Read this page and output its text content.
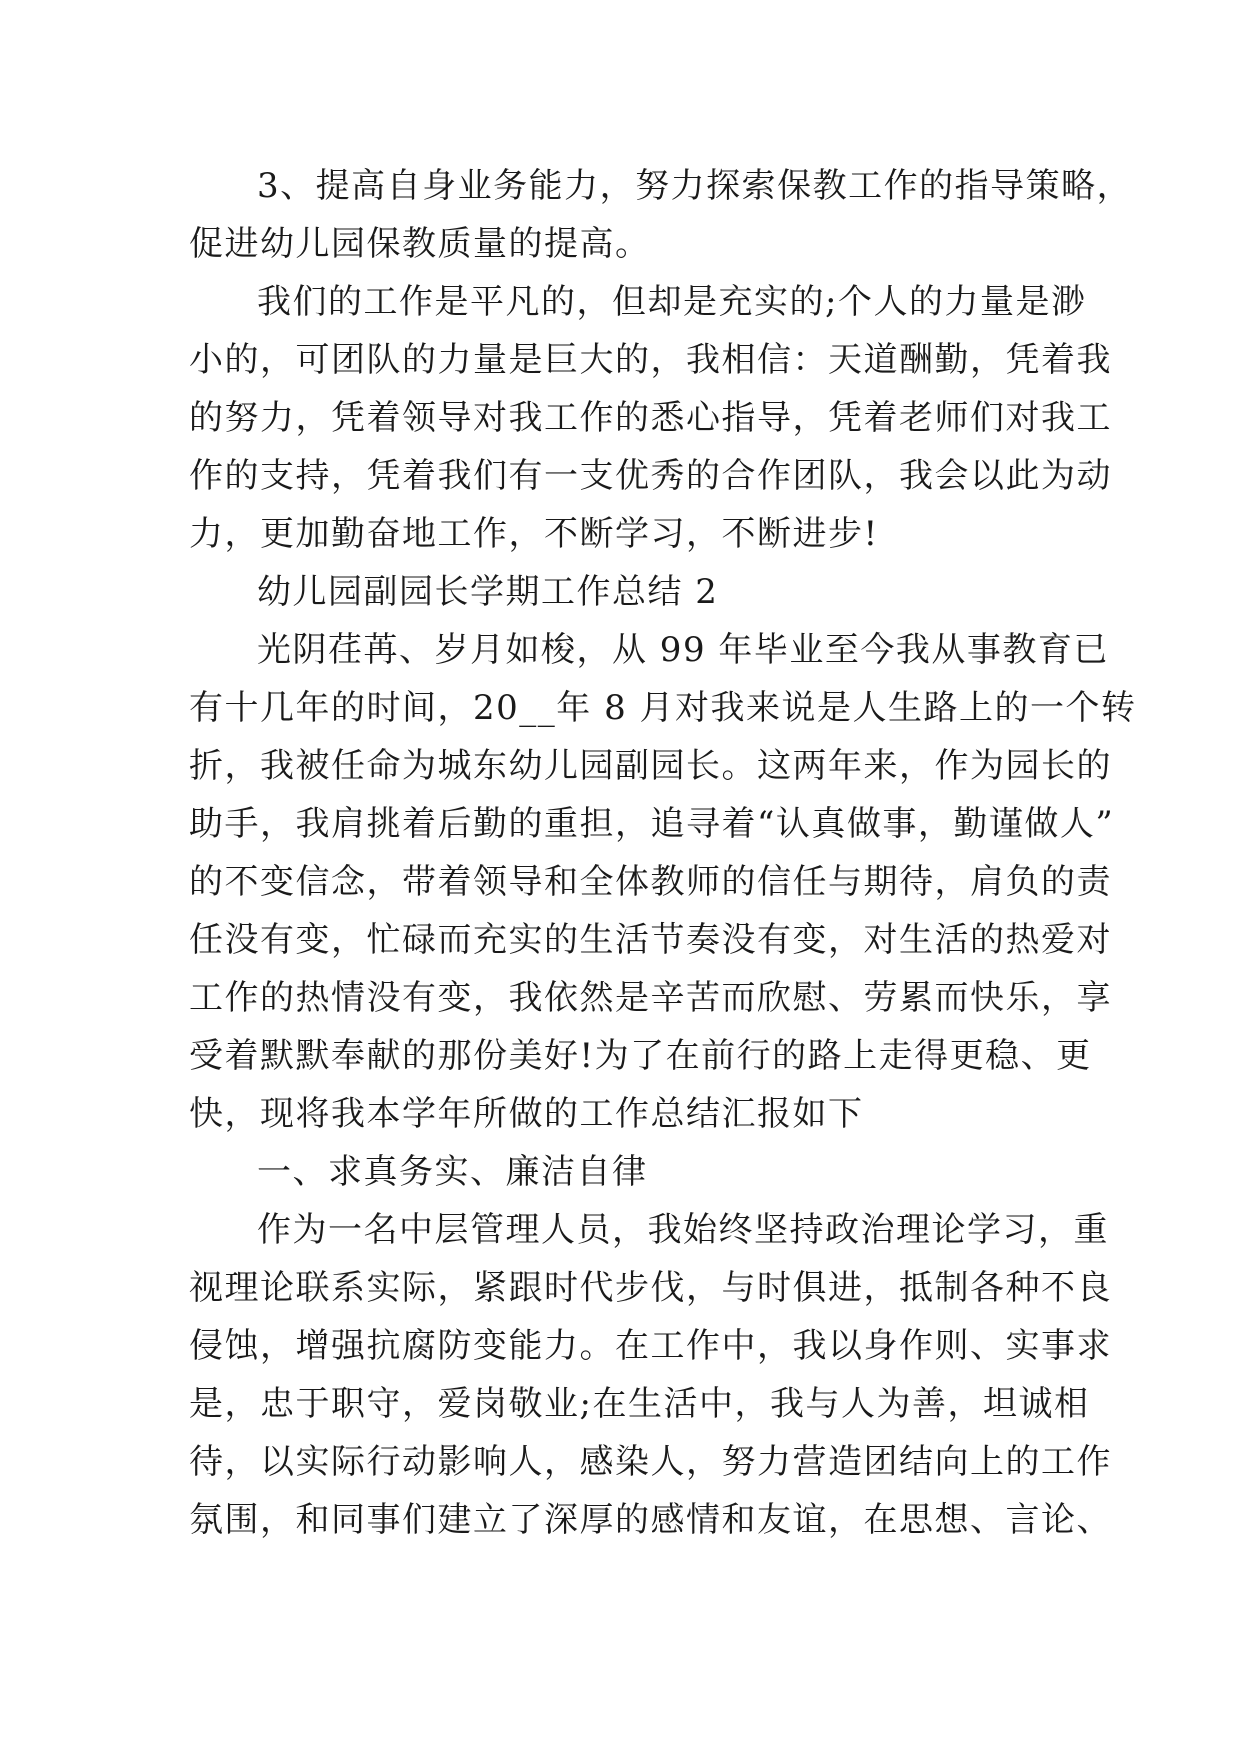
3、提高自身业务能力，努力探索保教工作的指导策略，
促进幼儿园保教质量的提高。
我们的工作是平凡的，但却是充实的;个人的力量是渺
小的，可团队的力量是巨大的，我相信：天道酬勤，凭着我
的努力，凭着领导对我工作的悉心指导，凭着老师们对我工
作的支持，凭着我们有一支优秀的合作团队，我会以此为动
力，更加勤奋地工作，不断学习，不断进步!
幼儿园副园长学期工作总结 2
光阴荏苒、岁月如梭，从 99 年毕业至今我从事教育已
有十几年的时间，20__年 8 月对我来说是人生路上的一个转
折，我被任命为城东幼儿园副园长。这两年来，作为园长的
助手，我肩挑着后勤的重担，追寻着“认真做事，勤谨做人”
的不变信念，带着领导和全体教师的信任与期待，肩负的责
任没有变，忙碌而充实的生活节奏没有变，对生活的热爱对
工作的热情没有变，我依然是辛苦而欣慰、劳累而快乐，享
受着默默奉献的那份美好!为了在前行的路上走得更稳、更
快，现将我本学年所做的工作总结汇报如下
一、求真务实、廉洁自律
作为一名中层管理人员，我始终坚持政治理论学习，重
视理论联系实际，紧跟时代步伐，与时俱进，抵制各种不良
侵蚀，增强抗腐防变能力。在工作中，我以身作则、实事求
是，忠于职守，爱岗敬业;在生活中，我与人为善，坦诚相
待，以实际行动影响人，感染人，努力营造团结向上的工作
氛围，和同事们建立了深厚的感情和友谊，在思想、言论、
